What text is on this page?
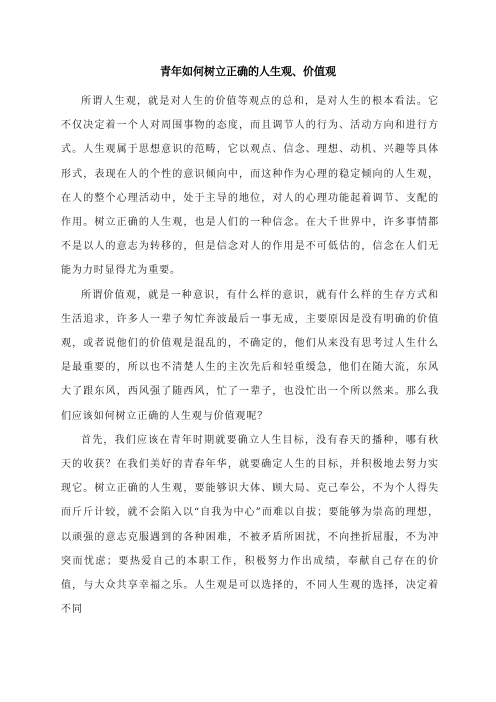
青年如何树立正确的人生观、价值观

所谓人生观，就是对人生的价值等观点的总和，是对人生的根本看法。它不仅决定着一个人对周围事物的态度，而且调节人的行为、活动方向和进行方式。人生观属于思想意识的范畴，它以观点、信念、理想、动机、兴趣等具体形式，表现在人的个性的意识倾向中，而这种作为心理的稳定倾向的人生观，在人的整个心理活动中，处于主导的地位，对人的心理功能起着调节、支配的作用。树立正确的人生观，也是人们的一种信念。在大千世界中，许多事情都不是以人的意志为转移的，但是信念对人的作用是不可低估的，信念在人们无能为力时显得尤为重要。

所谓价值观，就是一种意识，有什么样的意识，就有什么样的生存方式和生活追求，许多人一辈子匆忙奔波最后一事无成，主要原因是没有明确的价值观，或者说他们的价值观是混乱的，不确定的，他们从来没有思考过人生什么是最重要的，所以也不清楚人生的主次先后和轻重缓急，他们在随大流，东风大了跟东风，西风强了随西风，忙了一辈子，也没忙出一个所以然来。那么我们应该如何树立正确的人生观与价值观呢？

首先，我们应该在青年时期就要确立人生目标，没有春天的播种，哪有秋天的收获？在我们美好的青春年华，就要确定人生的目标，并积极地去努力实现它。树立正确的人生观，要能够识大体、顾大局、克己奉公，不为个人得失而斤斤计较，就不会陷入以“自我为中心”而难以自拔；要能够为崇高的理想，以顽强的意志克服遇到的各种困难，不被矛盾所困扰，不向挫折屈服，不为冲突而忧虑；要热爱自己的本职工作，积极努力作出成绩，奉献自己存在的价值，与大众共享幸福之乐。人生观是可以选择的，不同人生观的选择，决定着不同
